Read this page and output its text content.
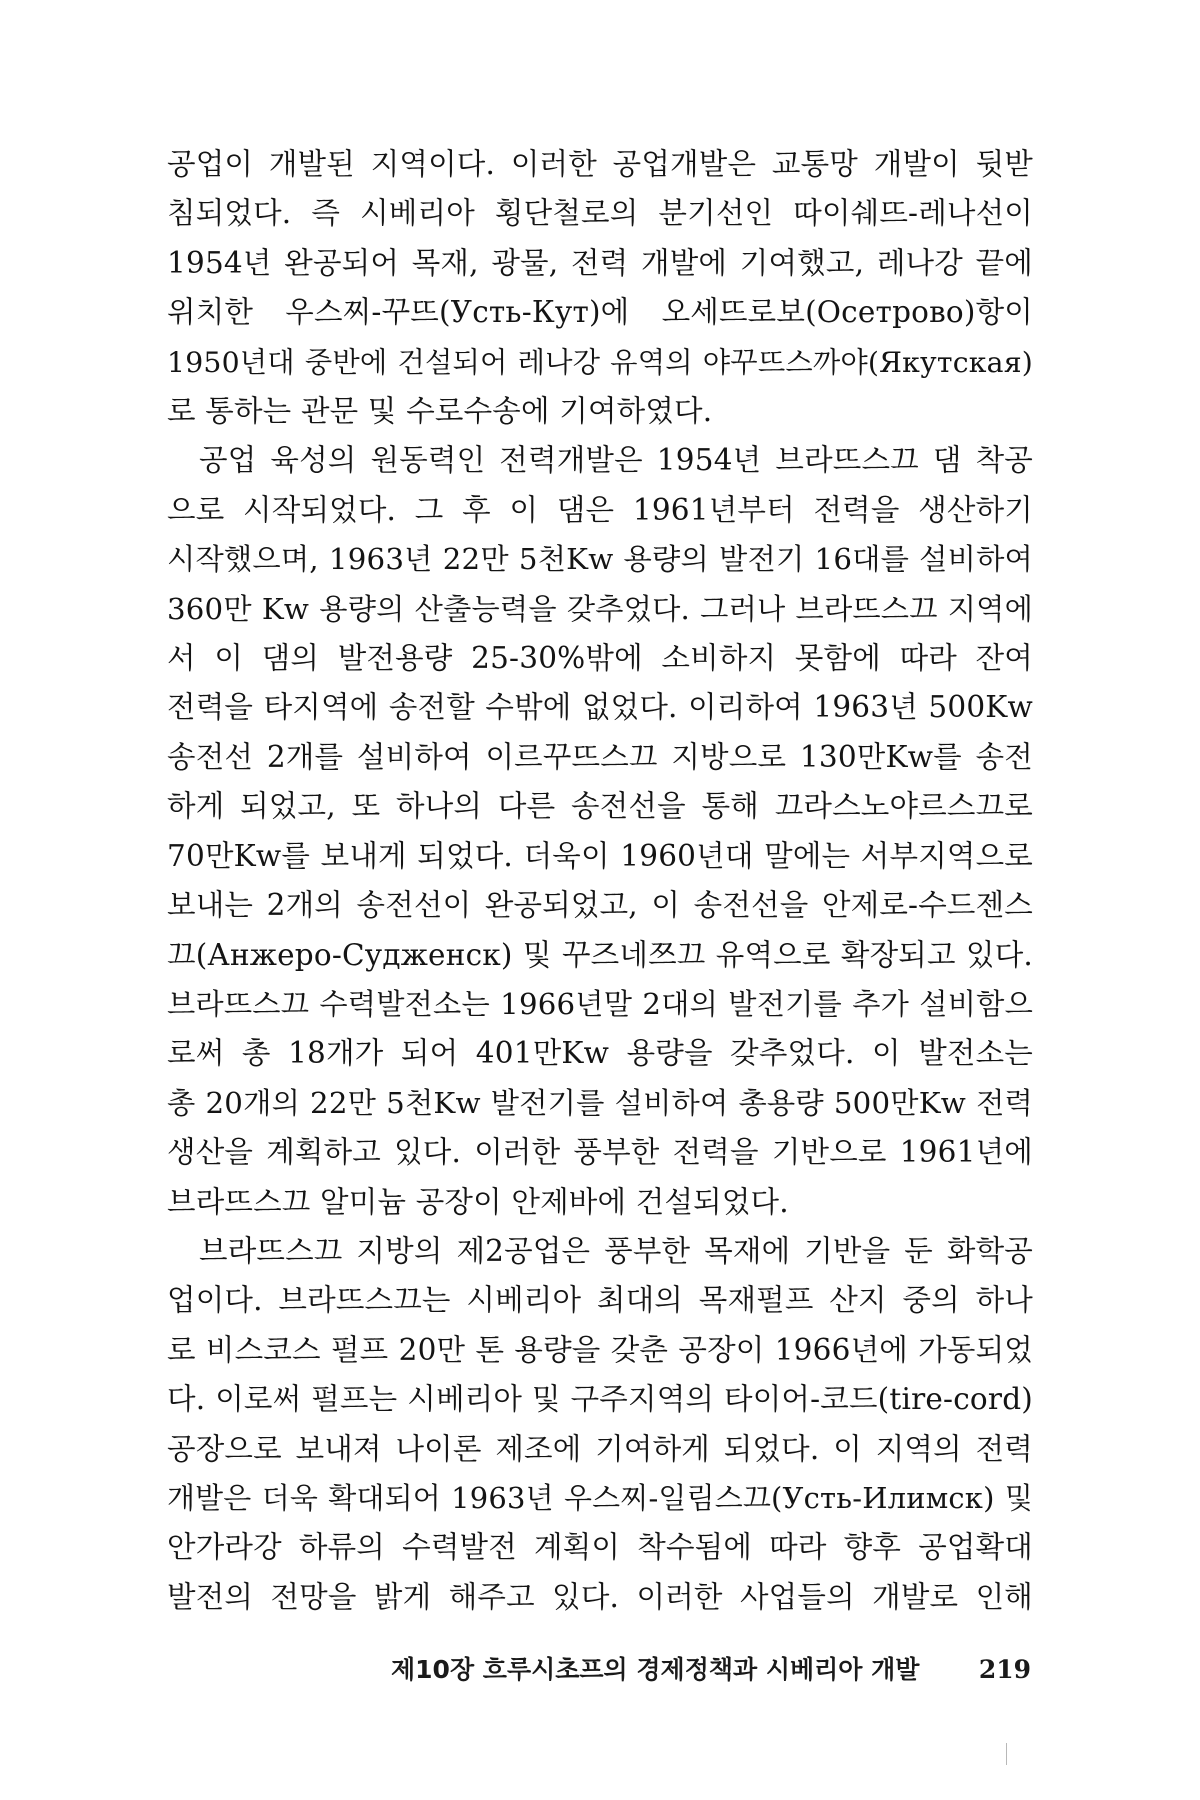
공업이 개발된 지역이다. 이러한 공업개발은 교통망 개발이 뒷받
침되었다. 즉 시베리아 횡단철로의 분기선인 따이쉐뜨-레나선이
1954년 완공되어 목재, 광물, 전력 개발에 기여했고, 레나강 끝에
위치한 우스찌-꾸뜨(Усть-Кут)에 오세뜨로보(Осетрово)항이
1950년대 중반에 건설되어 레나강 유역의 야꾸뜨스까야(Якутская)
로 통하는 관문 및 수로수송에 기여하였다.

공업 육성의 원동력인 전력개발은 1954년 브라뜨스끄 댐 착공
으로 시작되었다. 그 후 이 댐은 1961년부터 전력을 생산하기
시작했으며, 1963년 22만 5천Kw 용량의 발전기 16대를 설비하여
360만 Kw 용량의 산출능력을 갖추었다. 그러나 브라뜨스끄 지역에
서 이 댐의 발전용량 25-30%밖에 소비하지 못함에 따라 잔여
전력을 타지역에 송전할 수밖에 없었다. 이리하여 1963년 500Kw
송전선 2개를 설비하여 이르꾸뜨스끄 지방으로 130만Kw를 송전
하게 되었고, 또 하나의 다른 송전선을 통해 끄라스노야르스끄로
70만Kw를 보내게 되었다. 더욱이 1960년대 말에는 서부지역으로
보내는 2개의 송전선이 완공되었고, 이 송전선을 안제로-수드젠스
끄(Анжеро-Судженск) 및 꾸즈네쯔끄 유역으로 확장되고 있다.
브라뜨스끄 수력발전소는 1966년말 2대의 발전기를 추가 설비함으
로써 총 18개가 되어 401만Kw 용량을 갖추었다. 이 발전소는
총 20개의 22만 5천Kw 발전기를 설비하여 총용량 500만Kw 전력
생산을 계획하고 있다. 이러한 풍부한 전력을 기반으로 1961년에
브라뜨스끄 알미늄 공장이 안제바에 건설되었다.

브라뜨스끄 지방의 제2공업은 풍부한 목재에 기반을 둔 화학공
업이다. 브라뜨스끄는 시베리아 최대의 목재펄프 산지 중의 하나
로 비스코스 펄프 20만 톤 용량을 갖춘 공장이 1966년에 가동되었
다. 이로써 펄프는 시베리아 및 구주지역의 타이어-코드(tire-cord)
공장으로 보내져 나이론 제조에 기여하게 되었다. 이 지역의 전력
개발은 더욱 확대되어 1963년 우스찌-일림스끄(Усть-Илимск) 및
안가라강 하류의 수력발전 계획이 착수됨에 따라 향후 공업확대
발전의 전망을 밝게 해주고 있다. 이러한 사업들의 개발로 인해

제10장 흐루시초프의 경제정책과 시베리아 개발 219
